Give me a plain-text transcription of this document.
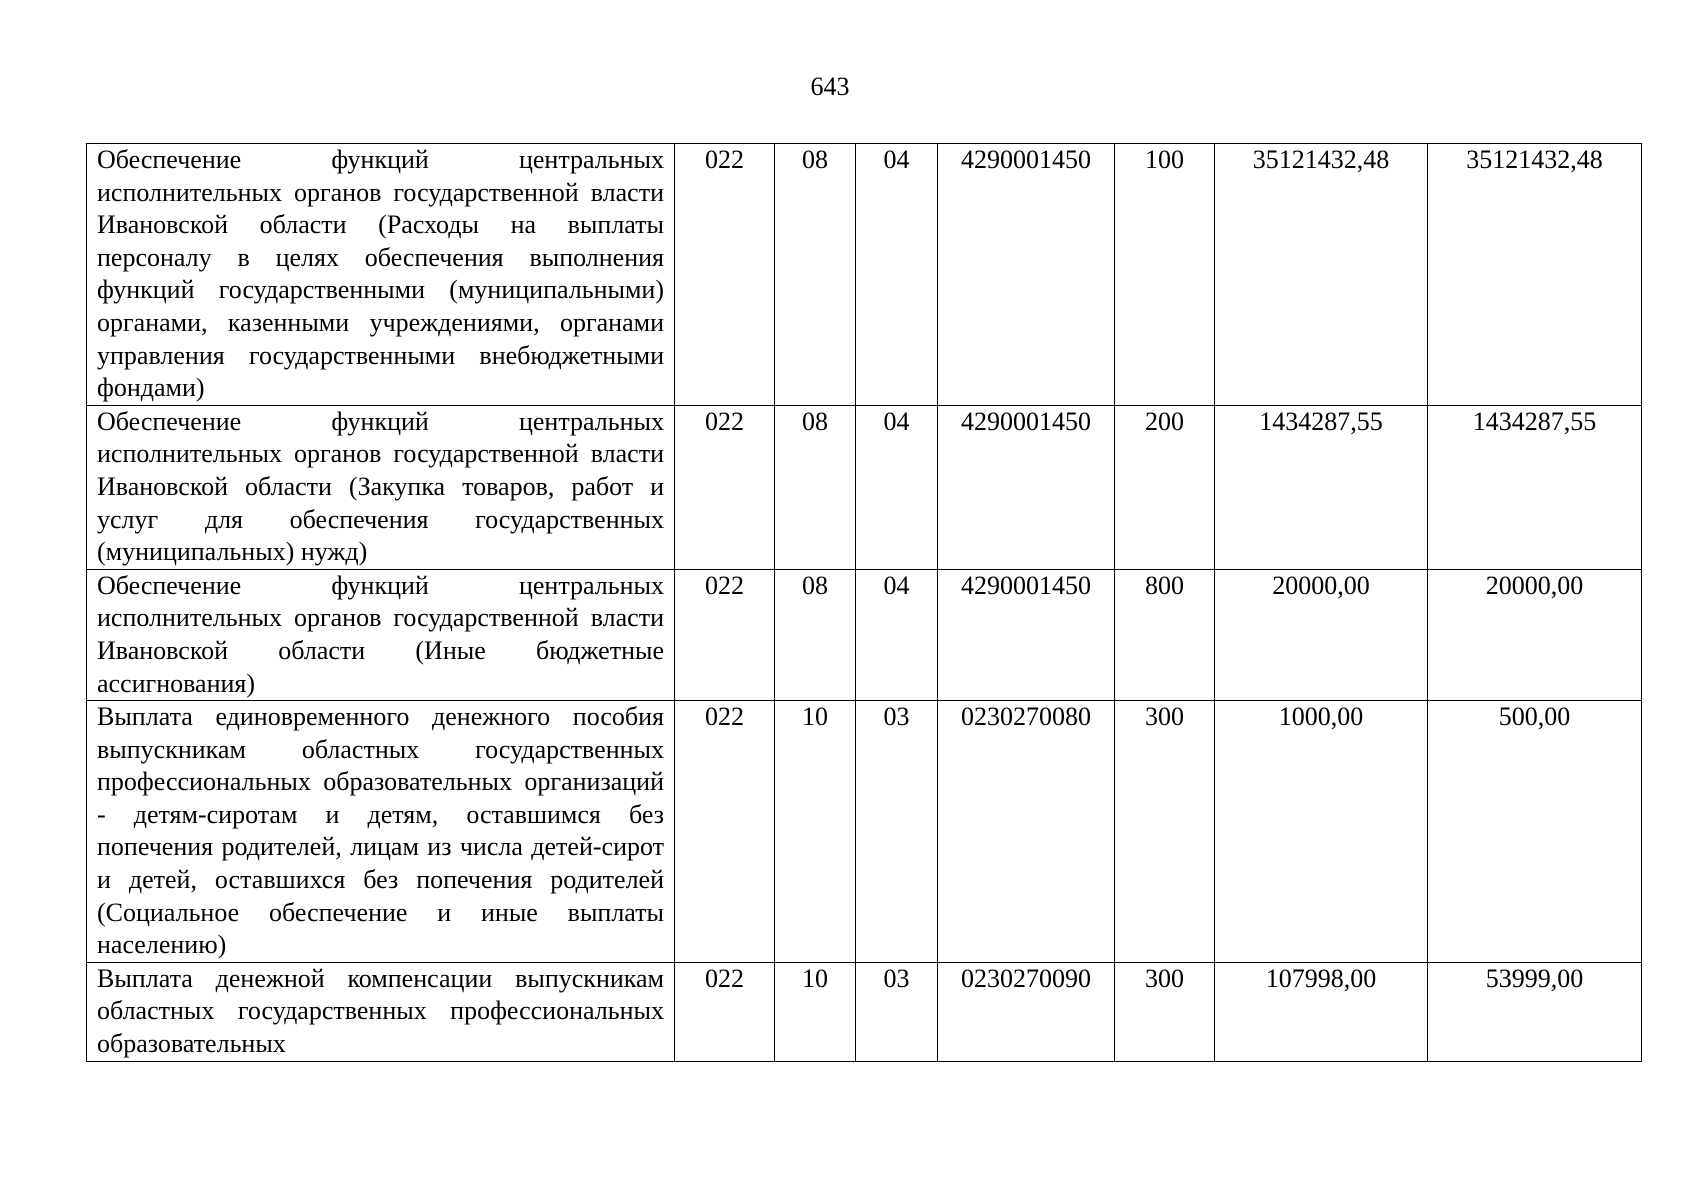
643
Обеспечение функций центральных исполнительных органов государственной власти Ивановской области (Расходы на выплаты персоналу в целях обеспечения выполнения функций государственными (муниципальными) органами, казенными учреждениями, органами управления государственными внебюджетными фондами)	022	08	04	4290001450	100	35121432,48	35121432,48
Обеспечение функций центральных исполнительных органов государственной власти Ивановской области (Закупка товаров, работ и услуг для обеспечения государственных (муниципальных) нужд)	022	08	04	4290001450	200	1434287,55	1434287,55
Обеспечение функций центральных исполнительных органов государственной власти Ивановской области (Иные бюджетные ассигнования)	022	08	04	4290001450	800	20000,00	20000,00
Выплата единовременного денежного пособия выпускникам областных государственных профессиональных образовательных организаций - детям-сиротам и детям, оставшимся без попечения родителей, лицам из числа детей-сирот и детей, оставшихся без попечения родителей (Социальное обеспечение и иные выплаты населению)	022	10	03	0230270080	300	1000,00	500,00
Выплата денежной компенсации выпускникам областных государственных профессиональных образовательных	022	10	03	0230270090	300	107998,00	53999,00
